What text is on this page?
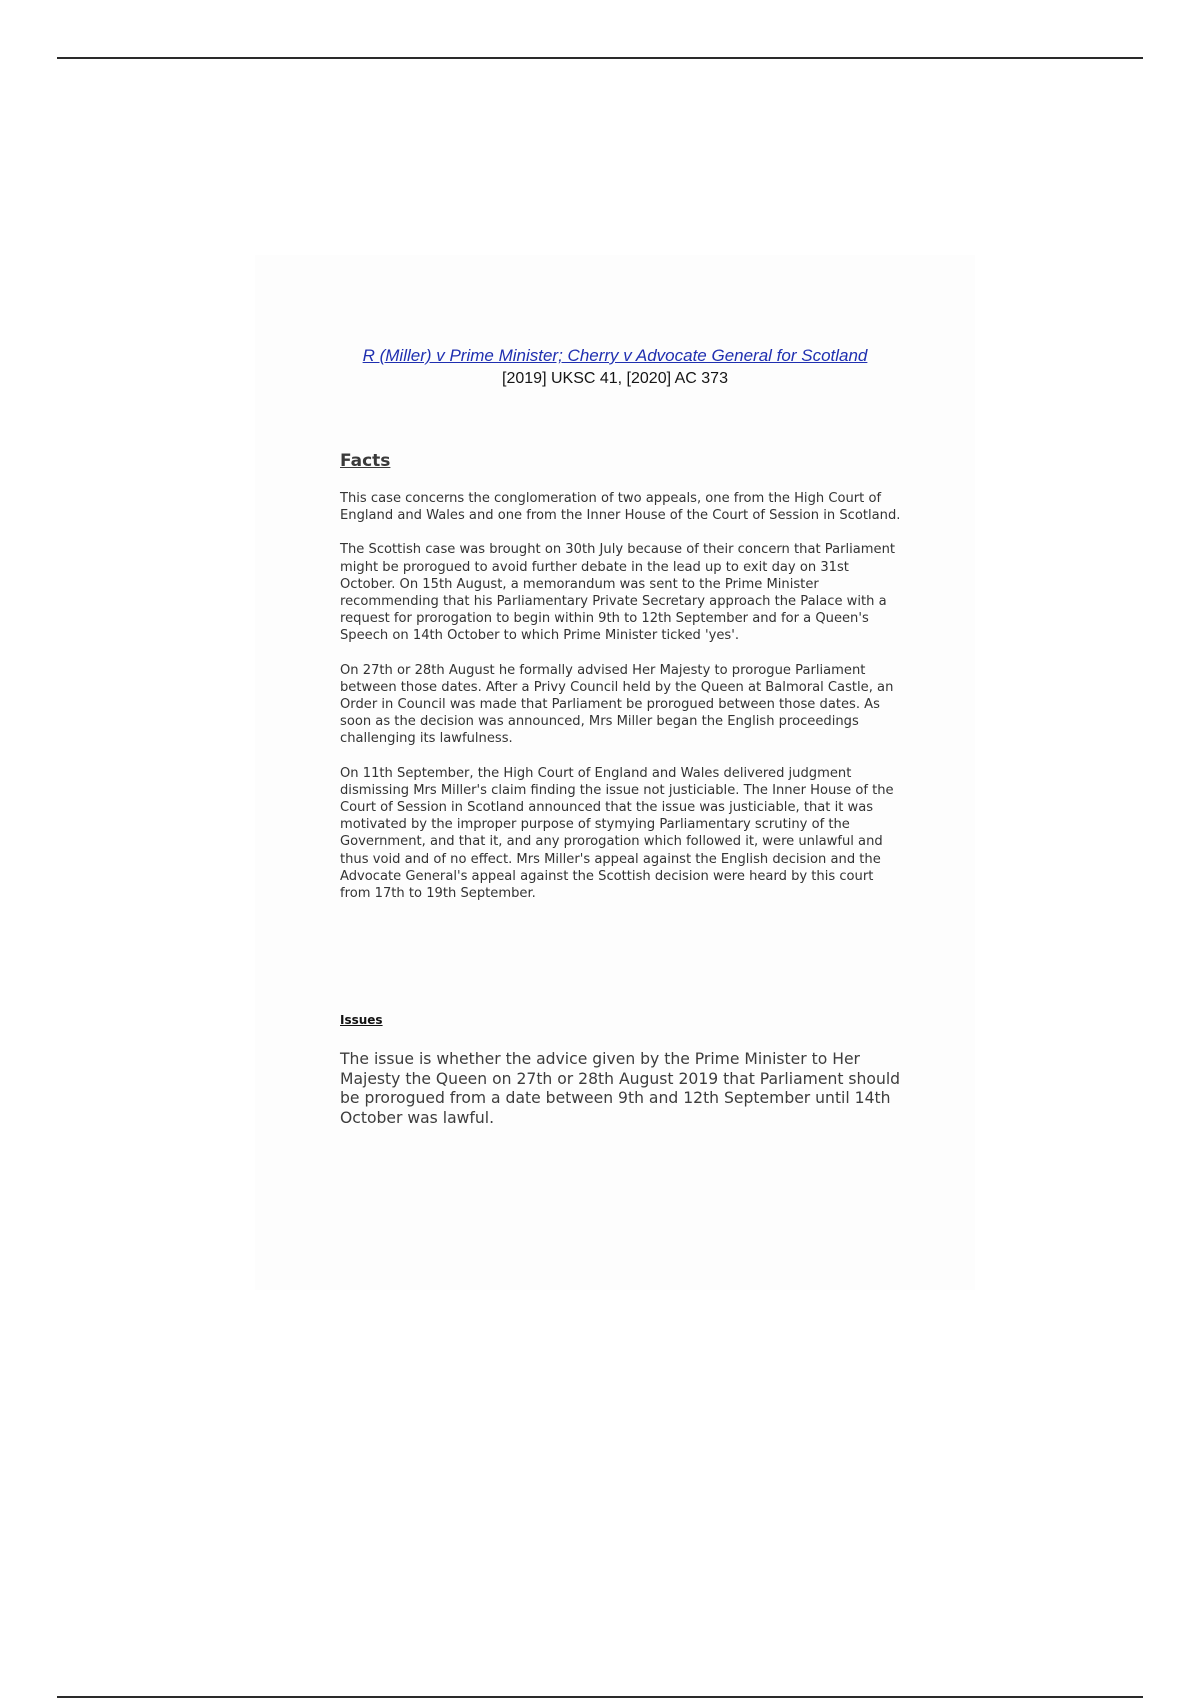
R (Miller) v Prime Minister; Cherry v Advocate General for Scotland

[2019] UKSC 41, [2020] AC 373

Facts

This case concerns the conglomeration of two appeals, one from the High Court of England and Wales and one from the Inner House of the Court of Session in Scotland.

The Scottish case was brought on 30th July because of their concern that Parliament might be prorogued to avoid further debate in the lead up to exit day on 31st October. On 15th August, a memorandum was sent to the Prime Minister recommending that his Parliamentary Private Secretary approach the Palace with a request for prorogation to begin within 9th to 12th September and for a Queen's Speech on 14th October to which Prime Minister ticked 'yes'.

On 27th or 28th August he formally advised Her Majesty to prorogue Parliament between those dates. After a Privy Council held by the Queen at Balmoral Castle, an Order in Council was made that Parliament be prorogued between those dates. As soon as the decision was announced, Mrs Miller began the English proceedings challenging its lawfulness.

On 11th September, the High Court of England and Wales delivered judgment dismissing Mrs Miller's claim finding the issue not justiciable. The Inner House of the Court of Session in Scotland announced that the issue was justiciable, that it was motivated by the improper purpose of stymying Parliamentary scrutiny of the Government, and that it, and any prorogation which followed it, were unlawful and thus void and of no effect. Mrs Miller's appeal against the English decision and the Advocate General's appeal against the Scottish decision were heard by this court from 17th to 19th September.

Issues

The issue is whether the advice given by the Prime Minister to Her Majesty the Queen on 27th or 28th August 2019 that Parliament should be prorogued from a date between 9th and 12th September until 14th October was lawful.
